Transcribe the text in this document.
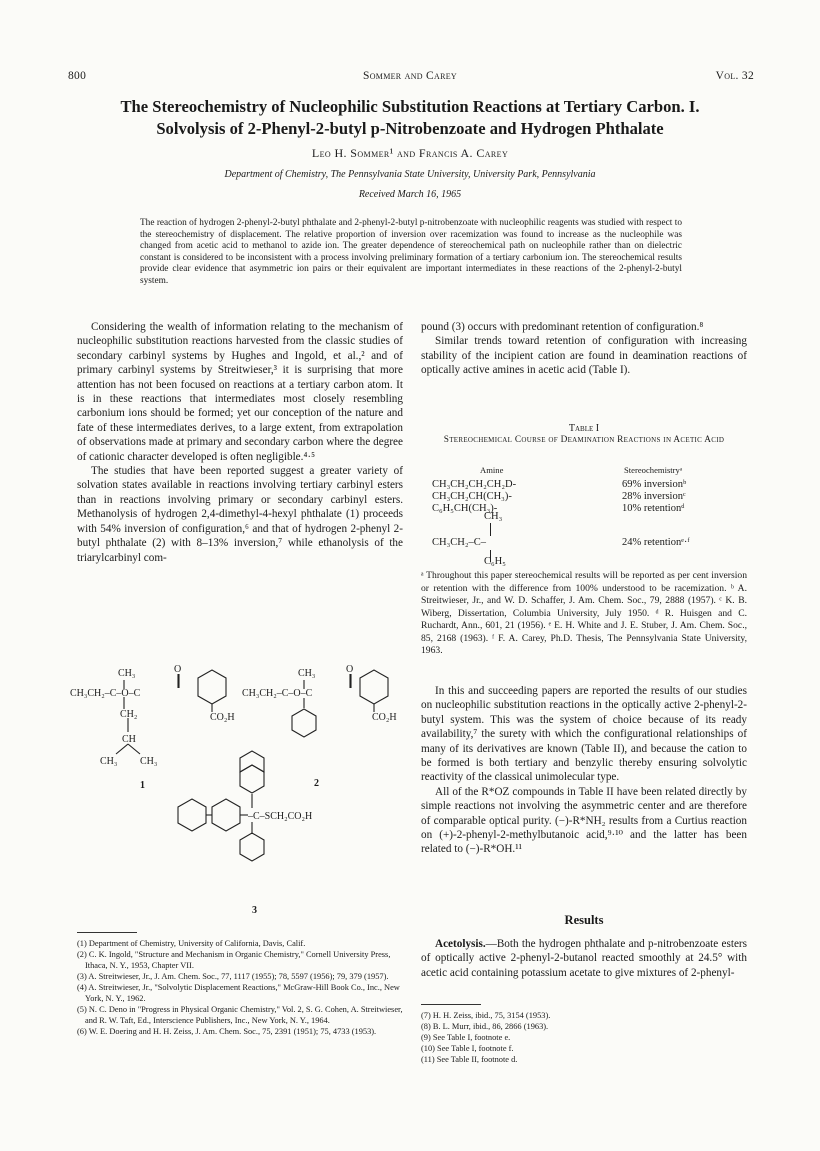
800	Sommer and Carey	Vol. 32
The Stereochemistry of Nucleophilic Substitution Reactions at Tertiary Carbon. I.
Solvolysis of 2-Phenyl-2-butyl p-Nitrobenzoate and Hydrogen Phthalate
Leo H. Sommer¹ and Francis A. Carey
Department of Chemistry, The Pennsylvania State University, University Park, Pennsylvania
Received March 16, 1965
The reaction of hydrogen 2-phenyl-2-butyl phthalate and 2-phenyl-2-butyl p-nitrobenzoate with nucleophilic reagents was studied with respect to the stereochemistry of displacement. The relative proportion of inversion over racemization was found to increase as the nucleophile was changed from acetic acid to methanol to azide ion. The greater dependence of stereochemical path on nucleophile rather than on dielectric constant is considered to be inconsistent with a process involving preliminary formation of a tertiary carbonium ion. The stereochemical results provide clear evidence that asymmetric ion pairs or their equivalent are important intermediates in these reactions of the 2-phenyl-2-butyl system.

Considering the wealth of information relating to the mechanism of nucleophilic substitution reactions harvested from the classic studies of secondary carbinyl systems by Hughes and Ingold, et al.,² and of primary carbinyl systems by Streitwieser,³ it is surprising that more attention has not been focused on reactions at a tertiary carbon atom. It is in these reactions that intermediates most closely resembling carbonium ions should be formed; yet our conception of the nature and fate of these intermediates derives, to a large extent, from extrapolation of observations made at primary and secondary carbon where the degree of cationic character developed is often negligible.⁴·⁵

The studies that have been reported suggest a greater variety of solvation states available in reactions involving tertiary carbinyl esters than in reactions involving primary or secondary carbinyl esters. Methanolysis of hydrogen 2,4-dimethyl-4-hexyl phthalate (1) proceeds with 54% inversion of configuration,⁶ and that of hydrogen 2-phenyl 2-butyl phthalate (2) with 8–13% inversion,⁷ while ethanolysis of the triarylcarbinyl com-

pound (3) occurs with predominant retention of configuration.⁸

Similar trends toward retention of configuration with increasing stability of the incipient cation are found in deamination reactions of optically active amines in acetic acid (Table I).

Table I
Stereochemical Course of Deamination Reactions in Acetic Acid
Amine	Stereochemistryᵃ
CH₃CH₂CH₂CH₂D-	69% inversionᵇ
CH₃CH₂CH(CH₃)-	28% inversionᶜ
C₆H₅CH(CH₃)-	10% retentionᵈ
CH₃
CH₃CH₂–C–	24% retentionᵉ·ᶠ
C₆H₅
ᵃ Throughout this paper stereochemical results will be reported as per cent inversion or retention with the difference from 100% understood to be racemization. ᵇ A. Streitwieser, Jr., and W. D. Schaffer, J. Am. Chem. Soc., 79, 2888 (1957). ᶜ K. B. Wiberg, Dissertation, Columbia University, July 1950. ᵈ R. Huisgen and C. Ruchardt, Ann., 601, 21 (1956). ᵉ E. H. White and J. E. Stuber, J. Am. Chem. Soc., 85, 2168 (1963). ᶠ F. A. Carey, Ph.D. Thesis, The Pennsylvania State University, 1963.

In this and succeeding papers are reported the results of our studies on nucleophilic substitution reactions in the optically active 2-phenyl-2-butyl system. This was the system of choice because of its ready availability,⁷ the surety with which the configurational relationships of many of its derivatives are known (Table II), and because the cation to be formed is both tertiary and benzylic thereby ensuring solvolytic reactivity of the classical unimolecular type.

All of the R*OZ compounds in Table II have been related directly by simple reactions not involving the asymmetric center and are therefore of comparable optical purity. (−)-R*NH₂ results from a Curtius reaction on (+)-2-phenyl-2-methylbutanoic acid,⁹·¹⁰ and the latter has been related to (−)-R*OH.¹¹

Results
Acetolysis.—Both the hydrogen phthalate and p-nitrobenzoate esters of optically active 2-phenyl-2-butanol reacted smoothly at 24.5° with acetic acid containing potassium acetate to give mixtures of 2-phenyl-
CH₃	O
CH₃CH₂–C–O–C
CO₂H
CH₂
CH
CH₃ CH₃
1
CH₃	O
CH₃CH₂–C–O–C
CO₂H
2
–C–SCH₂CO₂H
3
(1) Department of Chemistry, University of California, Davis, Calif.
(2) C. K. Ingold, "Structure and Mechanism in Organic Chemistry," Cornell University Press, Ithaca, N. Y., 1953, Chapter VII.
(3) A. Streitwieser, Jr., J. Am. Chem. Soc., 77, 1117 (1955); 78, 5597 (1956); 79, 379 (1957).
(4) A. Streitwieser, Jr., "Solvolytic Displacement Reactions," McGraw-Hill Book Co., Inc., New York, N. Y., 1962.
(5) N. C. Deno in "Progress in Physical Organic Chemistry," Vol. 2, S. G. Cohen, A. Streitwieser, and R. W. Taft, Ed., Interscience Publishers, Inc., New York, N. Y., 1964.
(6) W. E. Doering and H. H. Zeiss, J. Am. Chem. Soc., 75, 2391 (1951); 75, 4733 (1953).
(7) H. H. Zeiss, ibid., 75, 3154 (1953).
(8) B. L. Murr, ibid., 86, 2866 (1963).
(9) See Table I, footnote e.
(10) See Table I, footnote f.
(11) See Table II, footnote d.
